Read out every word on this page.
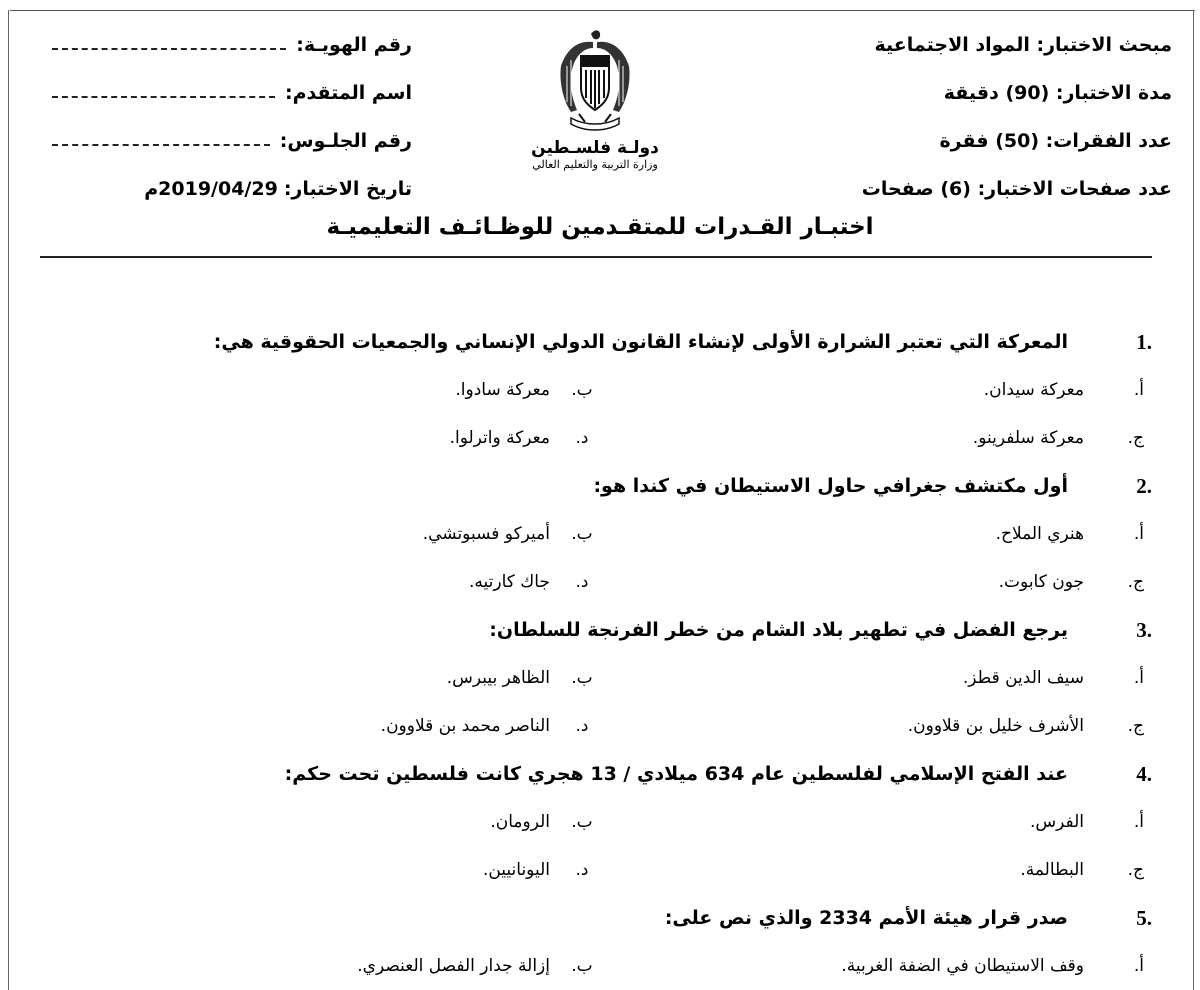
مبحث الاختبار: المواد الاجتماعية
مدة الاختبار: (90) دقيقة
عدد الفقرات: (50) فقرة
عدد صفحات الاختبار: (6) صفحات
دولـة فلسـطين
وزارة التربية والتعليم العالي
رقم الهويـة:
اسم المتقدم:
رقم الجلـوس:
تاريخ الاختبار:
2019/04/29م
اختبـار القـدرات للمتقـدمين للوظـائـف التعليميـة
.1
المعركة التي تعتبر الشرارة الأولى لإنشاء القانون الدولي الإنساني والجمعيات الحقوقية هي:
أ.
معركة سيدان.
ب.
معركة سادوا.
ج.
معركة سلفرينو.
د.
معركة واترلوا.
.2
أول مكتشف جغرافي حاول الاستيطان في كندا هو:
أ.
هنري الملاح.
ب.
أميركو فسبوتشي.
ج.
جون كابوت.
د.
جاك كارتيه.
.3
يرجع الفضل في تطهير بلاد الشام من خطر الفرنجة للسلطان:
أ.
سيف الدين قطز.
ب.
الظاهر بيبرس.
ج.
الأشرف خليل بن قلاوون.
د.
الناصر محمد بن قلاوون.
.4
عند الفتح الإسلامي لفلسطين عام 634 ميلادي / 13 هجري كانت فلسطين تحت حكم:
أ.
الفرس.
ب.
الرومان.
ج.
البطالمة.
د.
اليونانيين.
.5
صدر قرار هيئة الأمم 2334 والذي نص على:
أ.
وقف الاستيطان في الضفة الغربية.
ب.
إزالة جدار الفصل العنصري.
